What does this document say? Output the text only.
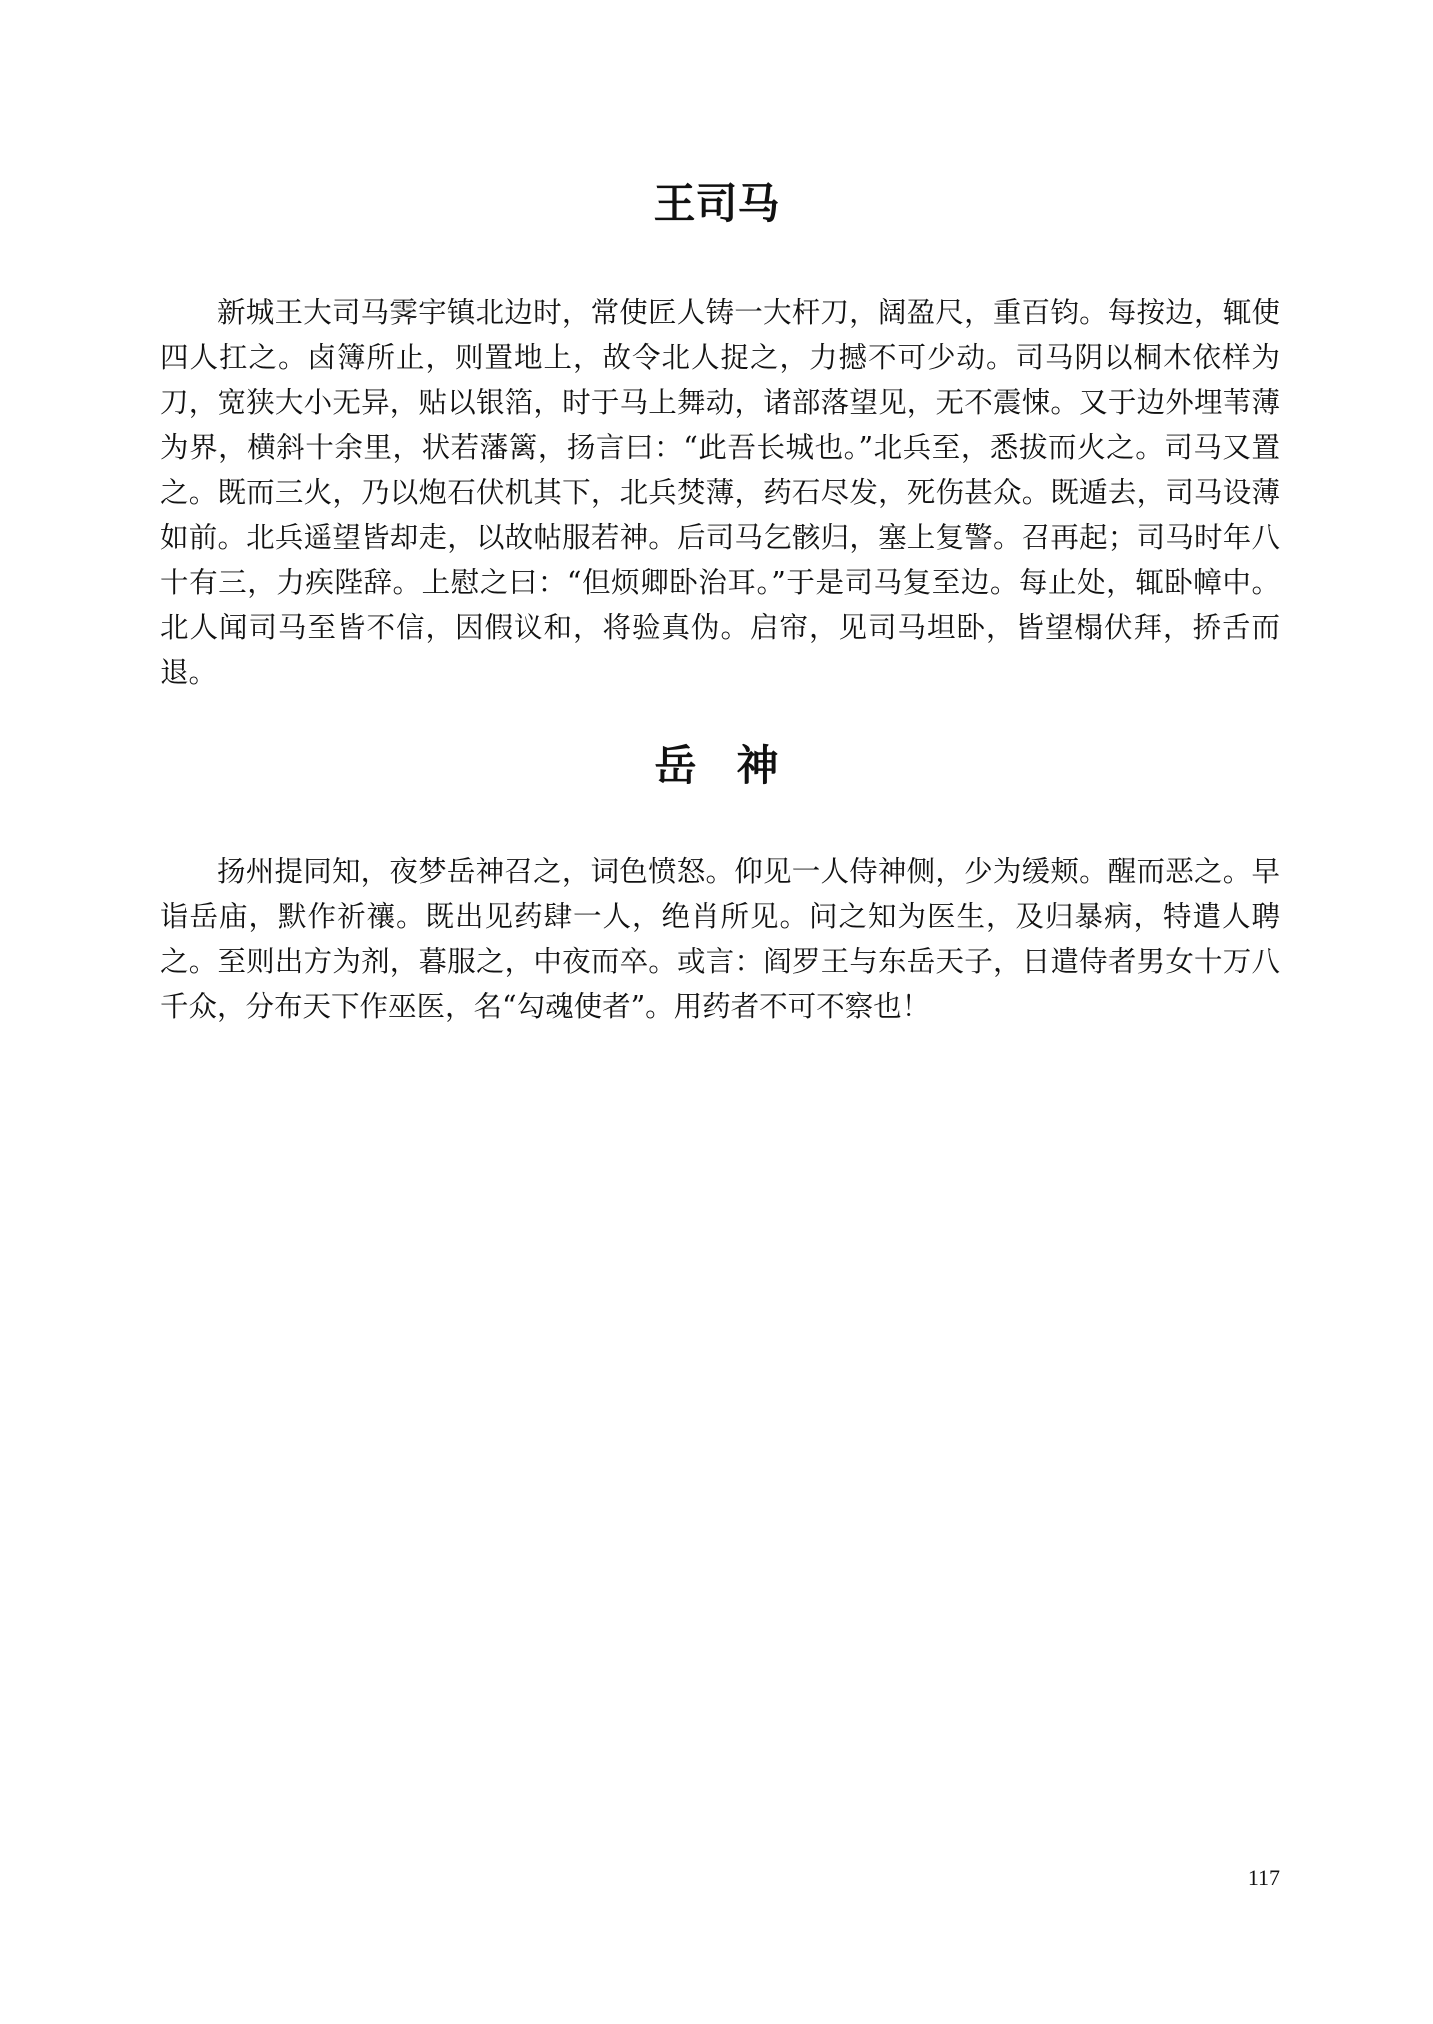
王司马

新城王大司马霁宇镇北边时，常使匠人铸一大杆刀，阔盈尺，重百钧。每按边，辄使四人扛之。卤簿所止，则置地上，故令北人捉之，力撼不可少动。司马阴以桐木依样为刀，宽狭大小无异，贴以银箔，时于马上舞动，诸部落望见，无不震悚。又于边外埋苇薄为界，横斜十余里，状若藩篱，扬言曰：“此吾长城也。”北兵至，悉拔而火之。司马又置之。既而三火，乃以炮石伏机其下，北兵焚薄，药石尽发，死伤甚众。既遁去，司马设薄如前。北兵遥望皆却走，以故帖服若神。后司马乞骸归，塞上复警。召再起；司马时年八十有三，力疾陛辞。上慰之曰：“但烦卿卧治耳。”于是司马复至边。每止处，辄卧幛中。北人闻司马至皆不信，因假议和，将验真伪。启帘，见司马坦卧，皆望榻伏拜，挢舌而退。

岳神

扬州提同知，夜梦岳神召之，词色愤怒。仰见一人侍神侧，少为缓颊。醒而恶之。早诣岳庙，默作祈禳。既出见药肆一人，绝肖所见。问之知为医生，及归暴病，特遣人聘之。至则出方为剂，暮服之，中夜而卒。或言：阎罗王与东岳天子，日遣侍者男女十万八千众，分布天下作巫医，名“勾魂使者”。用药者不可不察也！

117
